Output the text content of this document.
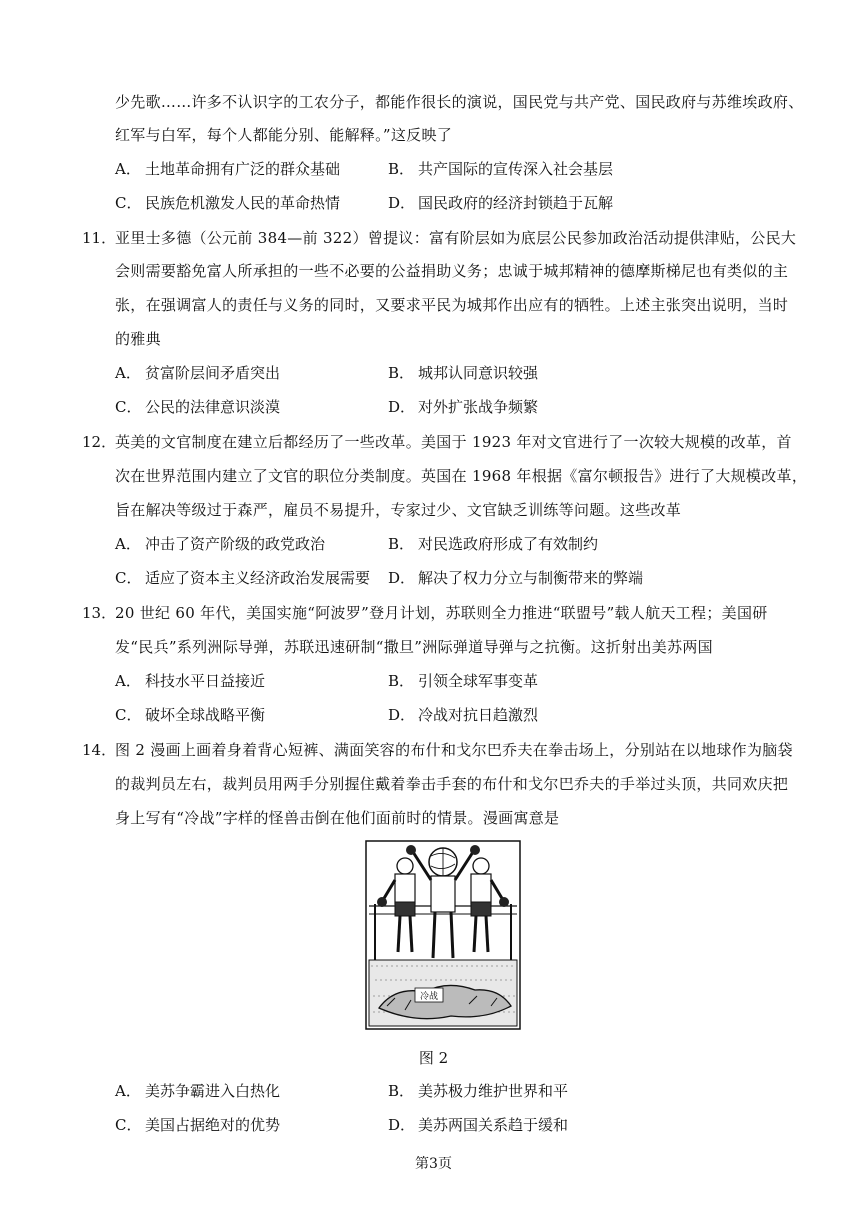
少先歌……许多不认识字的工农分子，都能作很长的演说，国民党与共产党、国民政府与苏维埃政府、
红军与白军，每个人都能分别、能解释。”这反映了
A． 土地革命拥有广泛的群众基础	B． 共产国际的宣传深入社会基层
C． 民族危机激发人民的革命热情	D． 国民政府的经济封锁趋于瓦解
11．
亚里士多德（公元前 384—前 322）曾提议：富有阶层如为底层公民参加政治活动提供津贴，公民大
会则需要豁免富人所承担的一些不必要的公益捐助义务；忠诚于城邦精神的德摩斯梯尼也有类似的主
张，在强调富人的责任与义务的同时，又要求平民为城邦作出应有的牺牲。上述主张突出说明，当时
的雅典
A． 贫富阶层间矛盾突出	B． 城邦认同意识较强
C． 公民的法律意识淡漠	D． 对外扩张战争频繁
12．
英美的文官制度在建立后都经历了一些改革。美国于 1923 年对文官进行了一次较大规模的改革，首
次在世界范围内建立了文官的职位分类制度。英国在 1968 年根据《富尔顿报告》进行了大规模改革，
旨在解决等级过于森严，雇员不易提升，专家过少、文官缺乏训练等问题。这些改革
A． 冲击了资产阶级的政党政治	B． 对民选政府形成了有效制约
C． 适应了资本主义经济政治发展需要 D． 解决了权力分立与制衡带来的弊端
13．
20 世纪 60 年代，美国实施“阿波罗”登月计划，苏联则全力推进“联盟号”载人航天工程；美国研
发“民兵”系列洲际导弹，苏联迅速研制“撒旦”洲际弹道导弹与之抗衡。这折射出美苏两国
A． 科技水平日益接近	B． 引领全球军事变革
C． 破坏全球战略平衡	D． 冷战对抗日趋激烈
14．
图 2 漫画上画着身着背心短裤、满面笑容的布什和戈尔巴乔夫在拳击场上，分别站在以地球作为脑袋
的裁判员左右，裁判员用两手分别握住戴着拳击手套的布什和戈尔巴乔夫的手举过头顶，共同欢庆把
身上写有“冷战”字样的怪兽击倒在他们面前时的情景。漫画寓意是
冷战
图 2
A． 美苏争霸进入白热化	B． 美苏极力维护世界和平
C． 美国占据绝对的优势	D． 美苏两国关系趋于缓和
第3页
